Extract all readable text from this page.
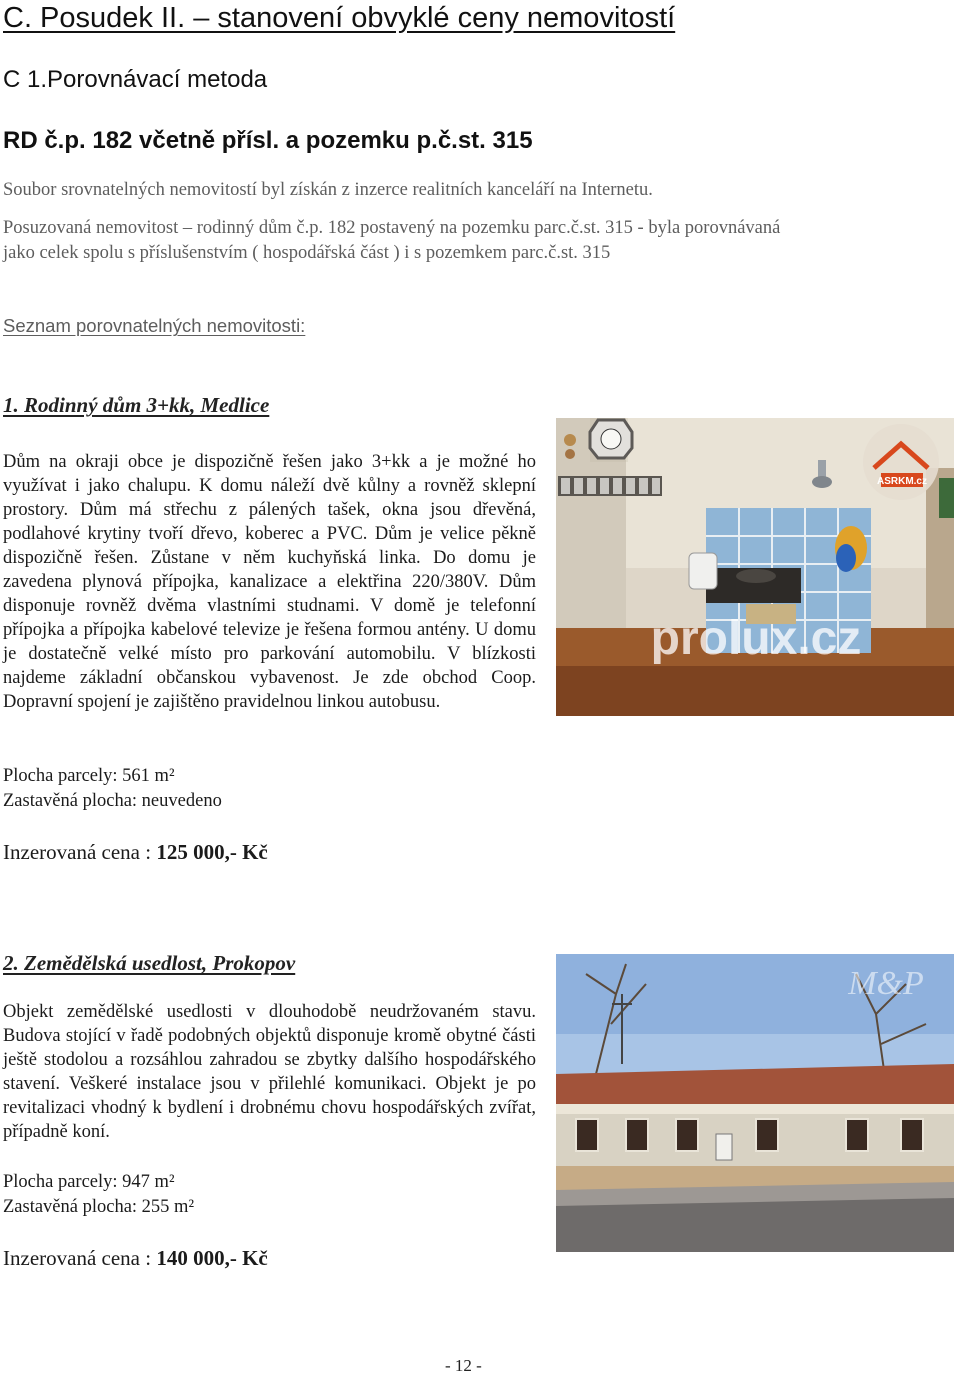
C. Posudek II. – stanovení obvyklé ceny nemovitostí
C 1.Porovnávací metoda
RD č.p. 182 včetně přísl. a pozemku p.č.st. 315
Soubor srovnatelných nemovitostí byl získán z inzerce realitních kanceláří na Internetu.
Posuzovaná nemovitost – rodinný dům č.p. 182 postavený na pozemku parc.č.st. 315 - byla porovnávaná
jako celek spolu s příslušenstvím ( hospodářská část ) i s pozemkem parc.č.st. 315
Seznam porovnatelných nemovitosti:
1. Rodinný dům 3+kk, Medlice
Dům na okraji obce je dispozičně řešen jako 3+kk a je možné ho využívat i jako chalupu. K domu náleží dvě kůlny a rovněž sklepní prostory. Dům má střechu z pálených tašek, okna jsou dřevěná, podlahové krytiny tvoří dřevo, koberec a PVC. Dům je velice pěkně dispozičně řešen. Zůstane v něm kuchyňská linka. Do domu je zavedena plynová přípojka, kanalizace a elektřina 220/380V. Dům disponuje rovněž dvěma vlastními studnami. V domě je telefonní přípojka a přípojka kabelové televize je řešena formou antény. U domu je dostatečně velké místo pro parkování automobilu. V blízkosti najdeme základní občanskou vybavenost. Je zde obchod Coop. Dopravní spojení je zajištěno pravidelnou linkou autobusu.
ASRKM.cz
prolux.cz
Plocha parcely: 561 m²
Zastavěná plocha: neuvedeno
Inzerovaná cena : 125 000,- Kč
2. Zemědělská usedlost, Prokopov
Objekt zemědělské usedlosti v dlouhodobě neudržovaném stavu. Budova stojící v řadě podobných objektů disponuje kromě obytné části ještě stodolou a rozsáhlou zahradou se zbytky dalšího hospodářského stavení. Veškeré instalace jsou v přilehlé komunikaci. Objekt je po revitalizaci vhodný k bydlení i drobnému chovu hospodářských zvířat, případně koní.
M&P
Plocha parcely: 947 m²
Zastavěná plocha: 255 m²
Inzerovaná cena : 140 000,- Kč
- 12 -
